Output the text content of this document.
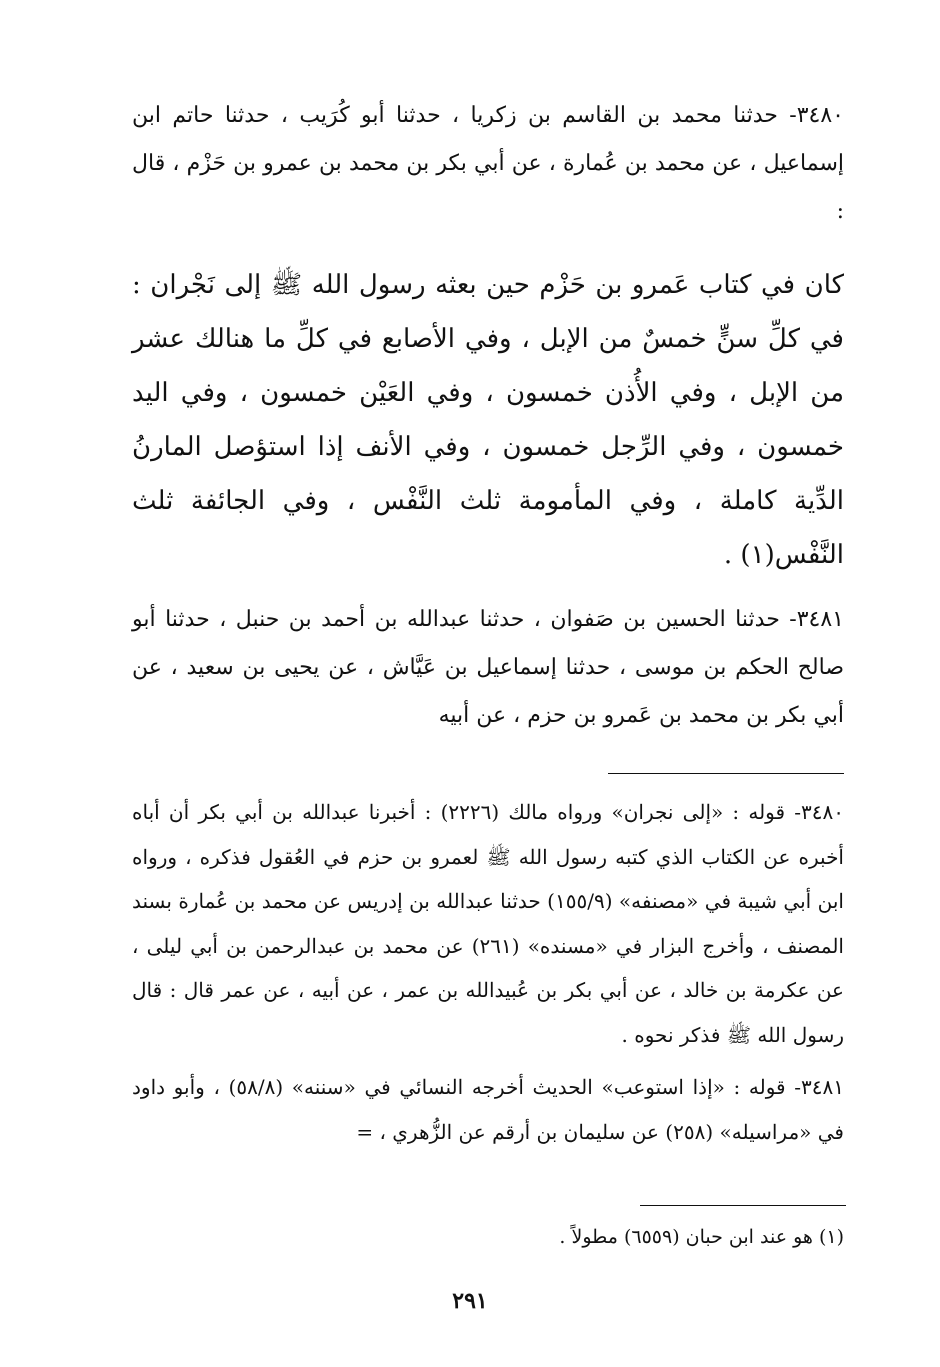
٣٤٨٠- حدثنا محمد بن القاسم بن زكريا ، حدثنا أبو كُرَيب ، حدثنا حاتم ابن إسماعيل ، عن محمد بن عُمارة ، عن أبي بكر بن محمد بن عمرو بن حَزْم ، قال :

كان في كتاب عَمرو بن حَزْم حين بعثه رسول الله ﷺ إلى نَجْران : في كلِّ سنٍّ خمسٌ من الإبل ، وفي الأصابع في كلِّ ما هنالك عشر من الإبل ، وفي الأُذن خمسون ، وفي العَيْن خمسون ، وفي اليد خمسون ، وفي الرِّجل خمسون ، وفي الأنف إذا استؤصل المارنُ الدِّية كاملة ، وفي المأمومة ثلث النَّفْس ، وفي الجائفة ثلث النَّفْس(١) .

٣٤٨١- حدثنا الحسين بن صَفوان ، حدثنا عبدالله بن أحمد بن حنبل ، حدثنا أبو صالح الحكم بن موسى ، حدثنا إسماعيل بن عَيَّاش ، عن يحيى بن سعيد ، عن أبي بكر بن محمد بن عَمرو بن حزم ، عن أبيه

٣٤٨٠- قوله : «إلى نجران» ورواه مالك (٢٢٢٦) : أخبرنا عبدالله بن أبي بكر أن أباه أخبره عن الكتاب الذي كتبه رسول الله ﷺ لعمرو بن حزم في العُقول فذكره ، ورواه ابن أبي شيبة في «مصنفه» (١٥٥/٩) حدثنا عبدالله بن إدريس عن محمد بن عُمارة بسند المصنف ، وأخرج البزار في «مسنده» (٢٦١) عن محمد بن عبدالرحمن بن أبي ليلى ، عن عكرمة بن خالد ، عن أبي بكر بن عُبيدالله بن عمر ، عن أبيه ، عن عمر قال : قال رسول الله ﷺ فذكر نحوه .

٣٤٨١- قوله : «إذا استوعب» الحديث أخرجه النسائي في «سننه» (٥٨/٨) ، وأبو داود في «مراسيله» (٢٥٨) عن سليمان بن أرقم عن الزُّهري ، =

(١) هو عند ابن حبان (٦٥٥٩) مطولاً .
٢٩١
